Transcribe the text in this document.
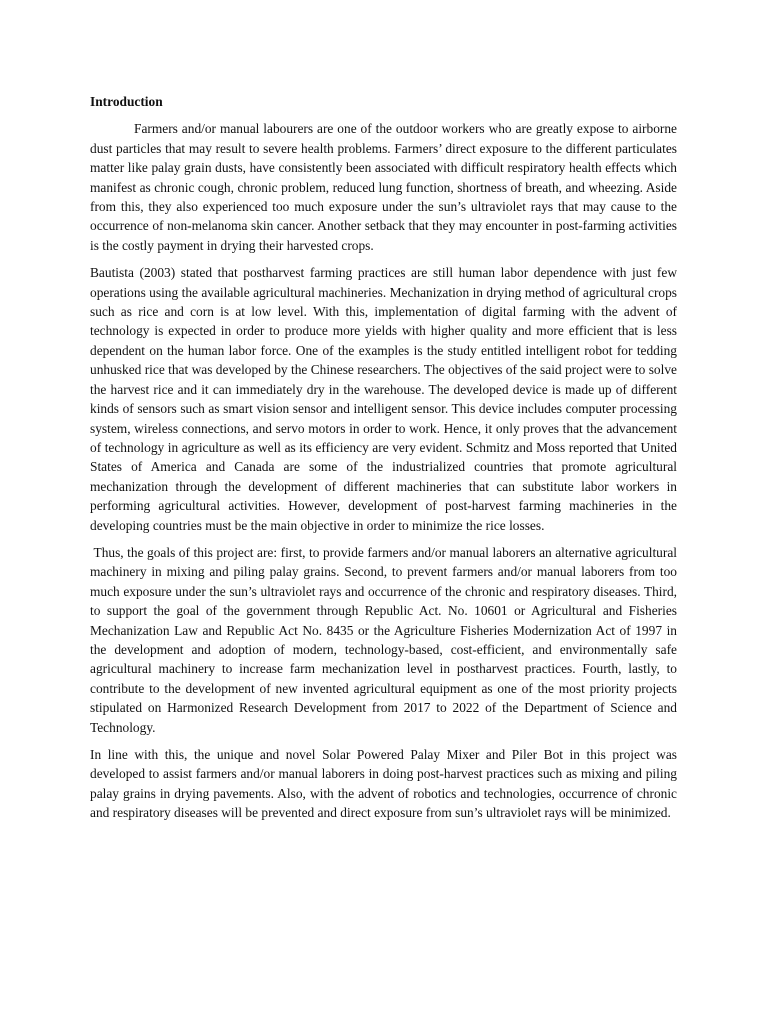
Introduction

Farmers and/or manual labourers are one of the outdoor workers who are greatly expose to airborne dust particles that may result to severe health problems. Farmers’ direct exposure to the different particulates matter like palay grain dusts, have consistently been associated with difficult respiratory health effects which manifest as chronic cough, chronic problem, reduced lung function, shortness of breath, and wheezing. Aside from this, they also experienced too much exposure under the sun’s ultraviolet rays that may cause to the occurrence of non-melanoma skin cancer. Another setback that they may encounter in post-farming activities is the costly payment in drying their harvested crops.

Bautista (2003) stated that postharvest farming practices are still human labor dependence with just few operations using the available agricultural machineries. Mechanization in drying method of agricultural crops such as rice and corn is at low level. With this, implementation of digital farming with the advent of technology is expected in order to produce more yields with higher quality and more efficient that is less dependent on the human labor force. One of the examples is the study entitled intelligent robot for tedding unhusked rice that was developed by the Chinese researchers. The objectives of the said project were to solve the harvest rice and it can immediately dry in the warehouse. The developed device is made up of different kinds of sensors such as smart vision sensor and intelligent sensor. This device includes computer processing system, wireless connections, and servo motors in order to work. Hence, it only proves that the advancement of technology in agriculture as well as its efficiency are very evident. Schmitz and Moss reported that United States of America and Canada are some of the industrialized countries that promote agricultural mechanization through the development of different machineries that can substitute labor workers in performing agricultural activities. However, development of post-harvest farming machineries in the developing countries must be the main objective in order to minimize the rice losses.

Thus, the goals of this project are: first, to provide farmers and/or manual laborers an alternative agricultural machinery in mixing and piling palay grains. Second, to prevent farmers and/or manual laborers from too much exposure under the sun’s ultraviolet rays and occurrence of the chronic and respiratory diseases. Third, to support the goal of the government through Republic Act. No. 10601 or Agricultural and Fisheries Mechanization Law and Republic Act No. 8435 or the Agriculture Fisheries Modernization Act of 1997 in the development and adoption of modern, technology-based, cost-efficient, and environmentally safe agricultural machinery to increase farm mechanization level in postharvest practices. Fourth, lastly, to contribute to the development of new invented agricultural equipment as one of the most priority projects stipulated on Harmonized Research Development from 2017 to 2022 of the Department of Science and Technology.

In line with this, the unique and novel Solar Powered Palay Mixer and Piler Bot in this project was developed to assist farmers and/or manual laborers in doing post-harvest practices such as mixing and piling palay grains in drying pavements. Also, with the advent of robotics and technologies, occurrence of chronic and respiratory diseases will be prevented and direct exposure from sun’s ultraviolet rays will be minimized.
